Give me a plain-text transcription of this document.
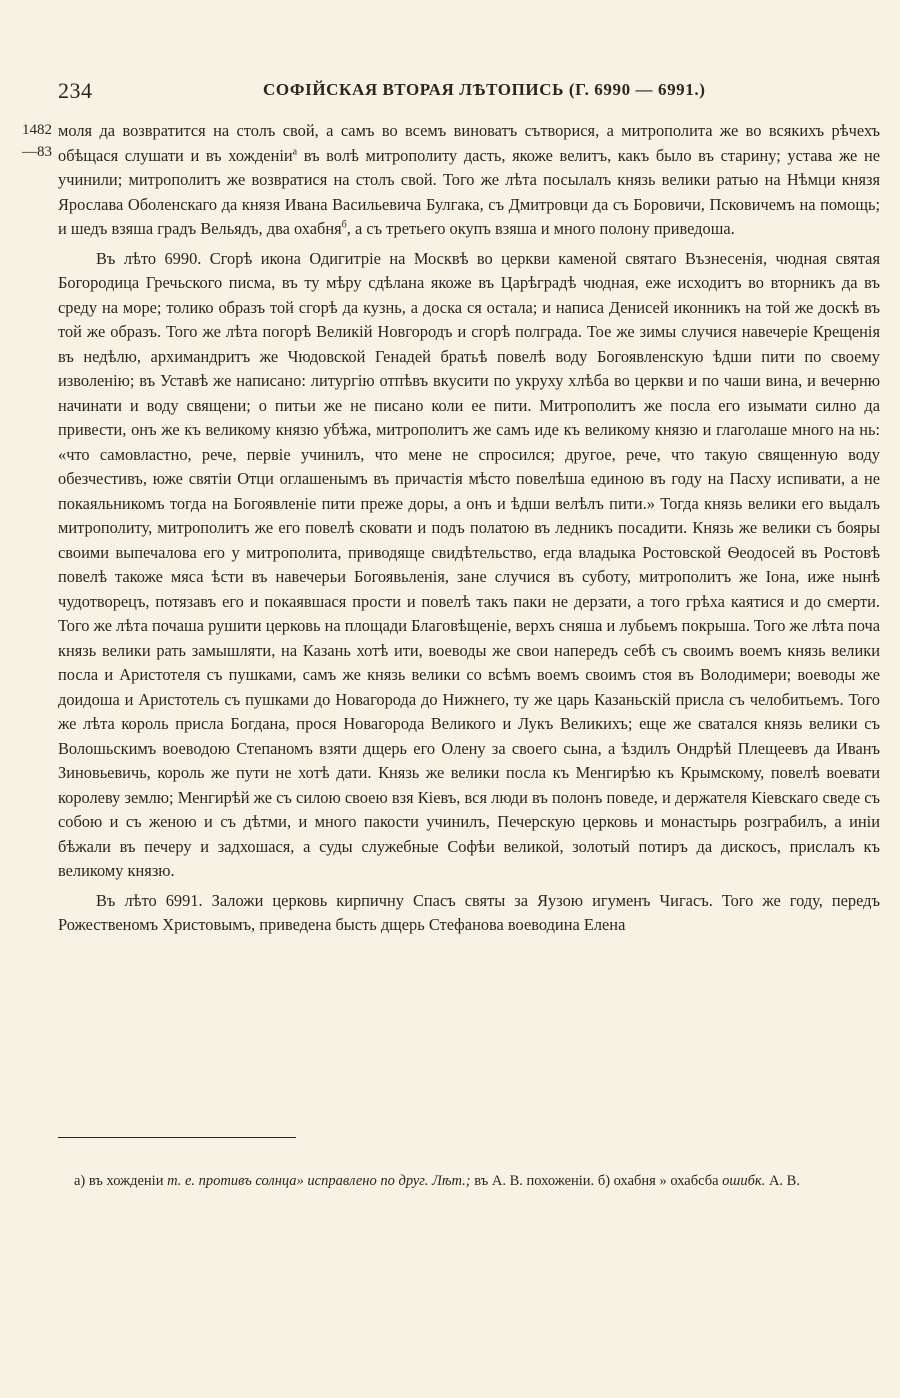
234	СОФІЙСКАЯ ВТОРАЯ ЛѢТОПИСЬ (Г. 6990 — 6991.)
1482
—83

моля да возвратится на столъ свой, а самъ во всемъ виноватъ сътворися, а митрополита же во всякихъ рѣчехъ обѣщася слушати и въ хожденіи$^а$ въ волѣ митрополиту дасть, якоже велитъ, какъ было въ старину; устава же не учинили; митрополитъ же возвратися на столъ свой. Того же лѣта посылалъ князь велики ратью на Нѣмци князя Ярослава Оболенскаго да князя Ивана Васильевича Булгака, съ Дмитровци да съ Боровичи, Псковичемъ на помощь; и шедъ взяша градъ Вельядъ, два охабня$^б$, а съ третьего окупъ взяша и много полону приведоша.

Въ лѣто 6990. Сгорѣ икона Одигитріе на Москвѣ во церкви каменой святаго Възнесенія, чюдная святая Богородица Гречьского писма, въ ту мѣру сдѣлана якоже въ Царѣградѣ чюдная, еже исходитъ во вторникъ да въ среду на море; толико образъ той сгорѣ да кузнь, а доска ся остала; и написа Денисей иконникъ на той же доскѣ въ той же образъ. Того же лѣта погорѣ Великій Новгородъ и сгорѣ полграда. Тое же зимы случися навечеріе Крещенія въ недѣлю, архимандритъ же Чюдовской Генадей братьѣ повелѣ воду Богоявленскую ѣдши пити по своему изволенію; въ Уставѣ же написано: литургію отпѣвъ вкусити по укруху хлѣба во церкви и по чаши вина, и вечерню начинати и воду священи; о питьи же не писано коли ее пити. Митрополитъ же посла его изымати силно да привести, онъ же къ великому князю убѣжа, митрополитъ же самъ иде къ великому князю и глаголаше много на нь: «что самовластно, рече, первіе учинилъ, что мене не спросился; другое, рече, что такую священную воду обезчестивъ, юже святіи Отци оглашенымъ въ причастія мѣсто повелѣша единою въ году на Пасху испивати, а не покаяльникомъ тогда на Богоявленіе пити преже доры, а онъ и ѣдши велѣлъ пити.» Тогда князь велики его выдалъ митрополиту, митрополитъ же его повелѣ сковати и подъ полатою въ ледникъ посадити. Князь же велики съ бояры своими выпечалова его у митрополита, приводяще свидѣтельство, егда владыка Ростовской Ѳеодосей въ Ростовѣ повелѣ такоже мяса ѣсти въ навечерьи Богоявьленія, зане случися въ суботу, митрополитъ же Іона, иже нынѣ чудотворецъ, потязавъ его и покаявшася прости и повелѣ такъ паки не дерзати, а того грѣха каятися и до смерти. Того же лѣта почаша рушити церковь на площади Благовѣщеніе, верхъ сняша и лубьемъ покрыша. Того же лѣта поча князь велики рать замышляти, на Казань хотѣ ити, воеводы же свои напередъ себѣ съ своимъ воемъ князь велики посла и Аристотеля съ пушками, самъ же князь велики со всѣмъ воемъ своимъ стоя въ Володимери; воеводы же доидоша и Аристотель съ пушками до Новагорода до Нижнего, ту же царь Казаньскій присла съ челобитьемъ. Того же лѣта король присла Богдана, прося Новагорода Великого и Лукъ Великихъ; еще же сватался князь велики съ Волошьскимъ воеводою Степаномъ взяти дщерь его Олену за своего сына, а ѣздилъ Ондрѣй Плещеевъ да Иванъ Зиновьевичь, король же пути не хотѣ дати. Князь же велики посла къ Менгирѣю къ Крымскому, повелѣ воевати королеву землю; Менгирѣй же съ силою своею взя Кіевъ, вся люди въ полонъ поведе, и держателя Кіевскаго сведе съ собою и съ женою и съ дѣтми, и много пакости учинилъ, Печерскую церковь и монастырь розграбилъ, а иніи бѣжали въ печеру и задхошася, а суды служебные Софѣи великой, золотый потиръ да дискосъ, прислалъ къ великому князю.

Въ лѣто 6991. Заложи церковь кирпичну Спасъ святы за Яузою игуменъ Чигасъ. Того же году, передъ Рожественомъ Христовымъ, приведена бысть дщерь Стефанова воеводина Елена

а) въ хожденіи т. е. противъ солнца» исправлено по друг. Лѣт.; въ А. В. похоженіи. б) охабня » охабсба ошибк. А. В.
